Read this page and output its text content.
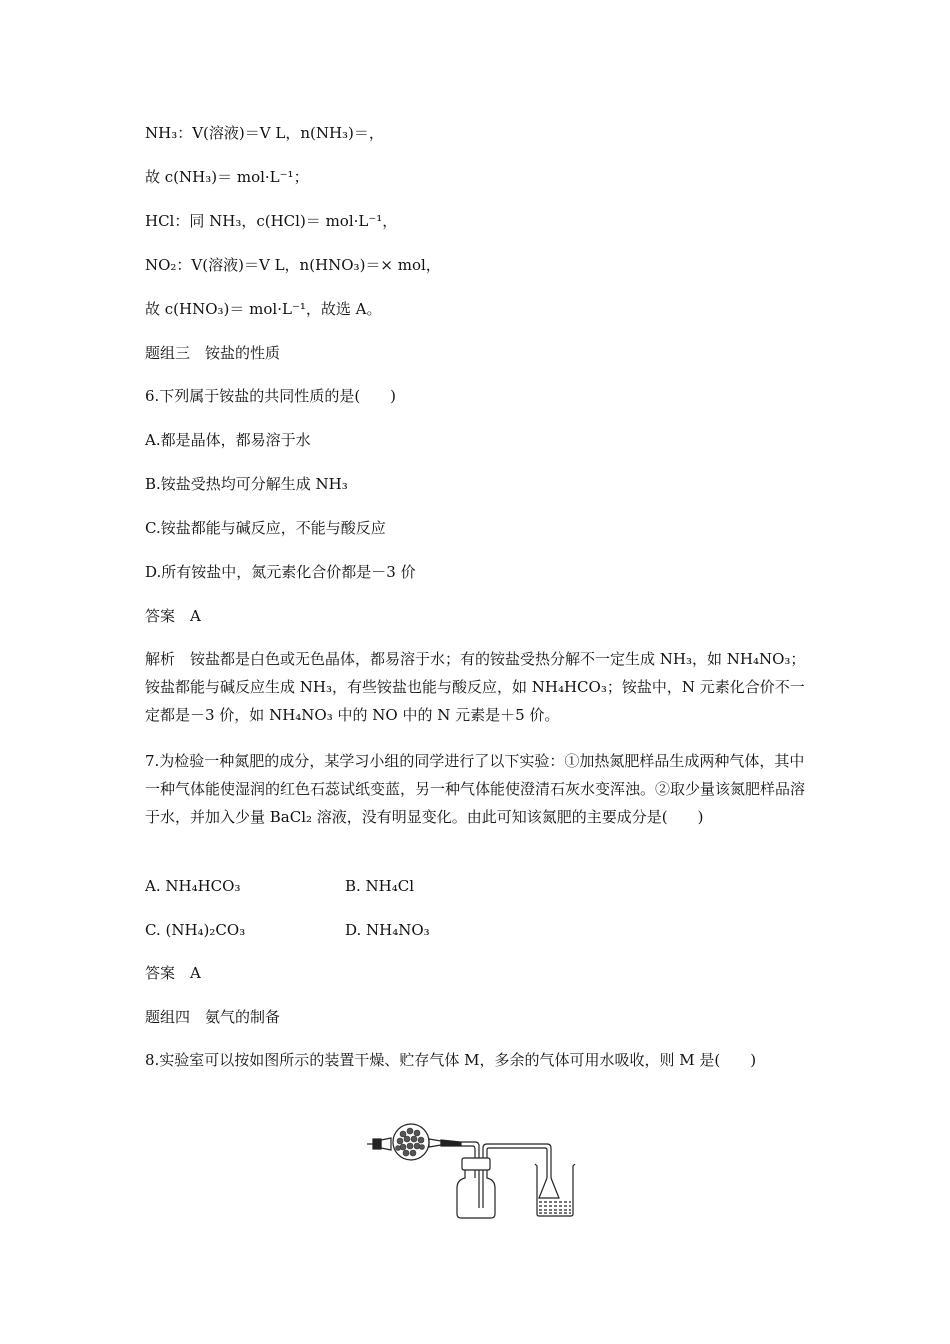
NH₃：V(溶液)＝V L，n(NH₃)＝，
故 c(NH₃)＝ mol·L⁻¹；
HCl：同 NH₃，c(HCl)＝ mol·L⁻¹，
NO₂：V(溶液)＝V L，n(HNO₃)＝× mol，
故 c(HNO₃)＝ mol·L⁻¹，故选 A。
题组三　铵盐的性质
6.下列属于铵盐的共同性质的是(　　)
A.都是晶体，都易溶于水
B.铵盐受热均可分解生成 NH₃
C.铵盐都能与碱反应，不能与酸反应
D.所有铵盐中，氮元素化合价都是－3 价
答案　A
解析　铵盐都是白色或无色晶体，都易溶于水；有的铵盐受热分解不一定生成 NH₃，如 NH₄NO₃；铵盐都能与碱反应生成 NH₃，有些铵盐也能与酸反应，如 NH₄HCO₃；铵盐中，N 元素化合价不一定都是－3 价，如 NH₄NO₃ 中的 NO 中的 N 元素是＋5 价。
7.为检验一种氮肥的成分，某学习小组的同学进行了以下实验：①加热氮肥样品生成两种气体，其中一种气体能使湿润的红色石蕊试纸变蓝，另一种气体能使澄清石灰水变浑浊。②取少量该氮肥样品溶于水，并加入少量 BaCl₂ 溶液，没有明显变化。由此可知该氮肥的主要成分是(　　)
A. NH₄HCO₃	B. NH₄Cl
C. (NH₄)₂CO₃	D. NH₄NO₃
答案　A
题组四　氨气的制备
8.实验室可以按如图所示的装置干燥、贮存气体 M，多余的气体可用水吸收，则 M 是(　　)
